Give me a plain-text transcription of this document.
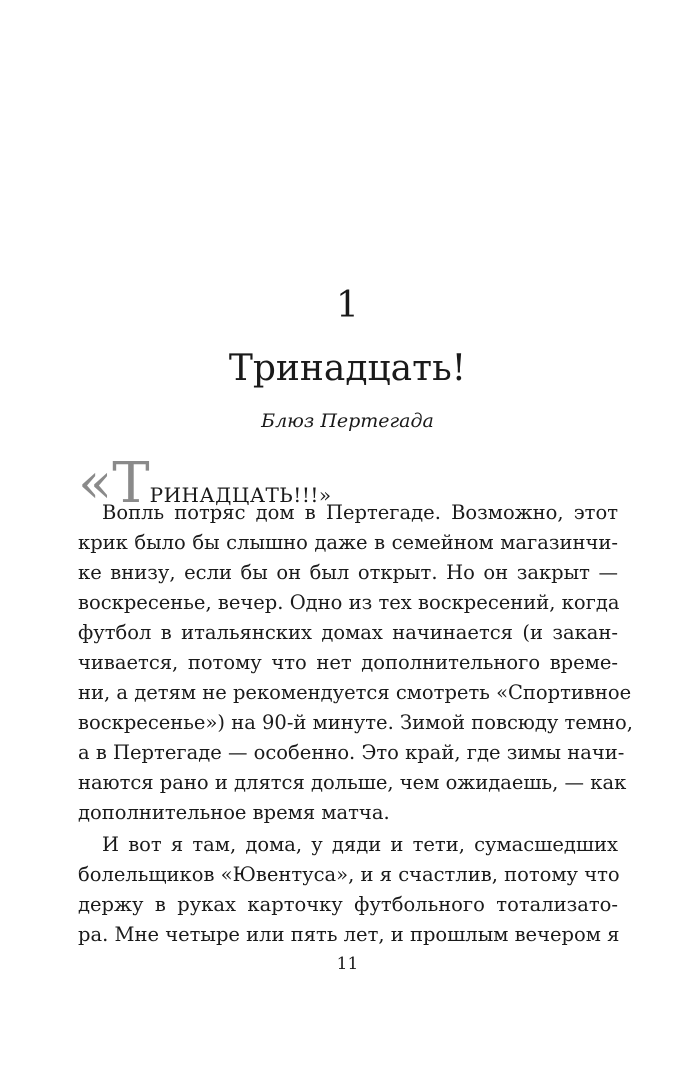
1
Тринадцать!
Блюз Пертегада
«ТРИНАДЦАТЬ!!!»
Вопль потряс дом в Пертегаде. Возможно, этот
крик было бы слышно даже в семейном магазинчи-
ке внизу, если бы он был открыт. Но он закрыт —
воскресенье, вечер. Одно из тех воскресений, когда
футбол в итальянских домах начинается (и закан-
чивается, потому что нет дополнительного време-
ни, а детям не рекомендуется смотреть «Спортивное
воскресенье») на 90-й минуте. Зимой повсюду темно,
а в Пертегаде — особенно. Это край, где зимы начи-
наются рано и длятся дольше, чем ожидаешь, — как
дополнительное время матча.
И вот я там, дома, у дяди и тети, сумасшедших
болельщиков «Ювентуса», и я счастлив, потому что
держу в руках карточку футбольного тотализато-
ра. Мне четыре или пять лет, и прошлым вечером я
11
